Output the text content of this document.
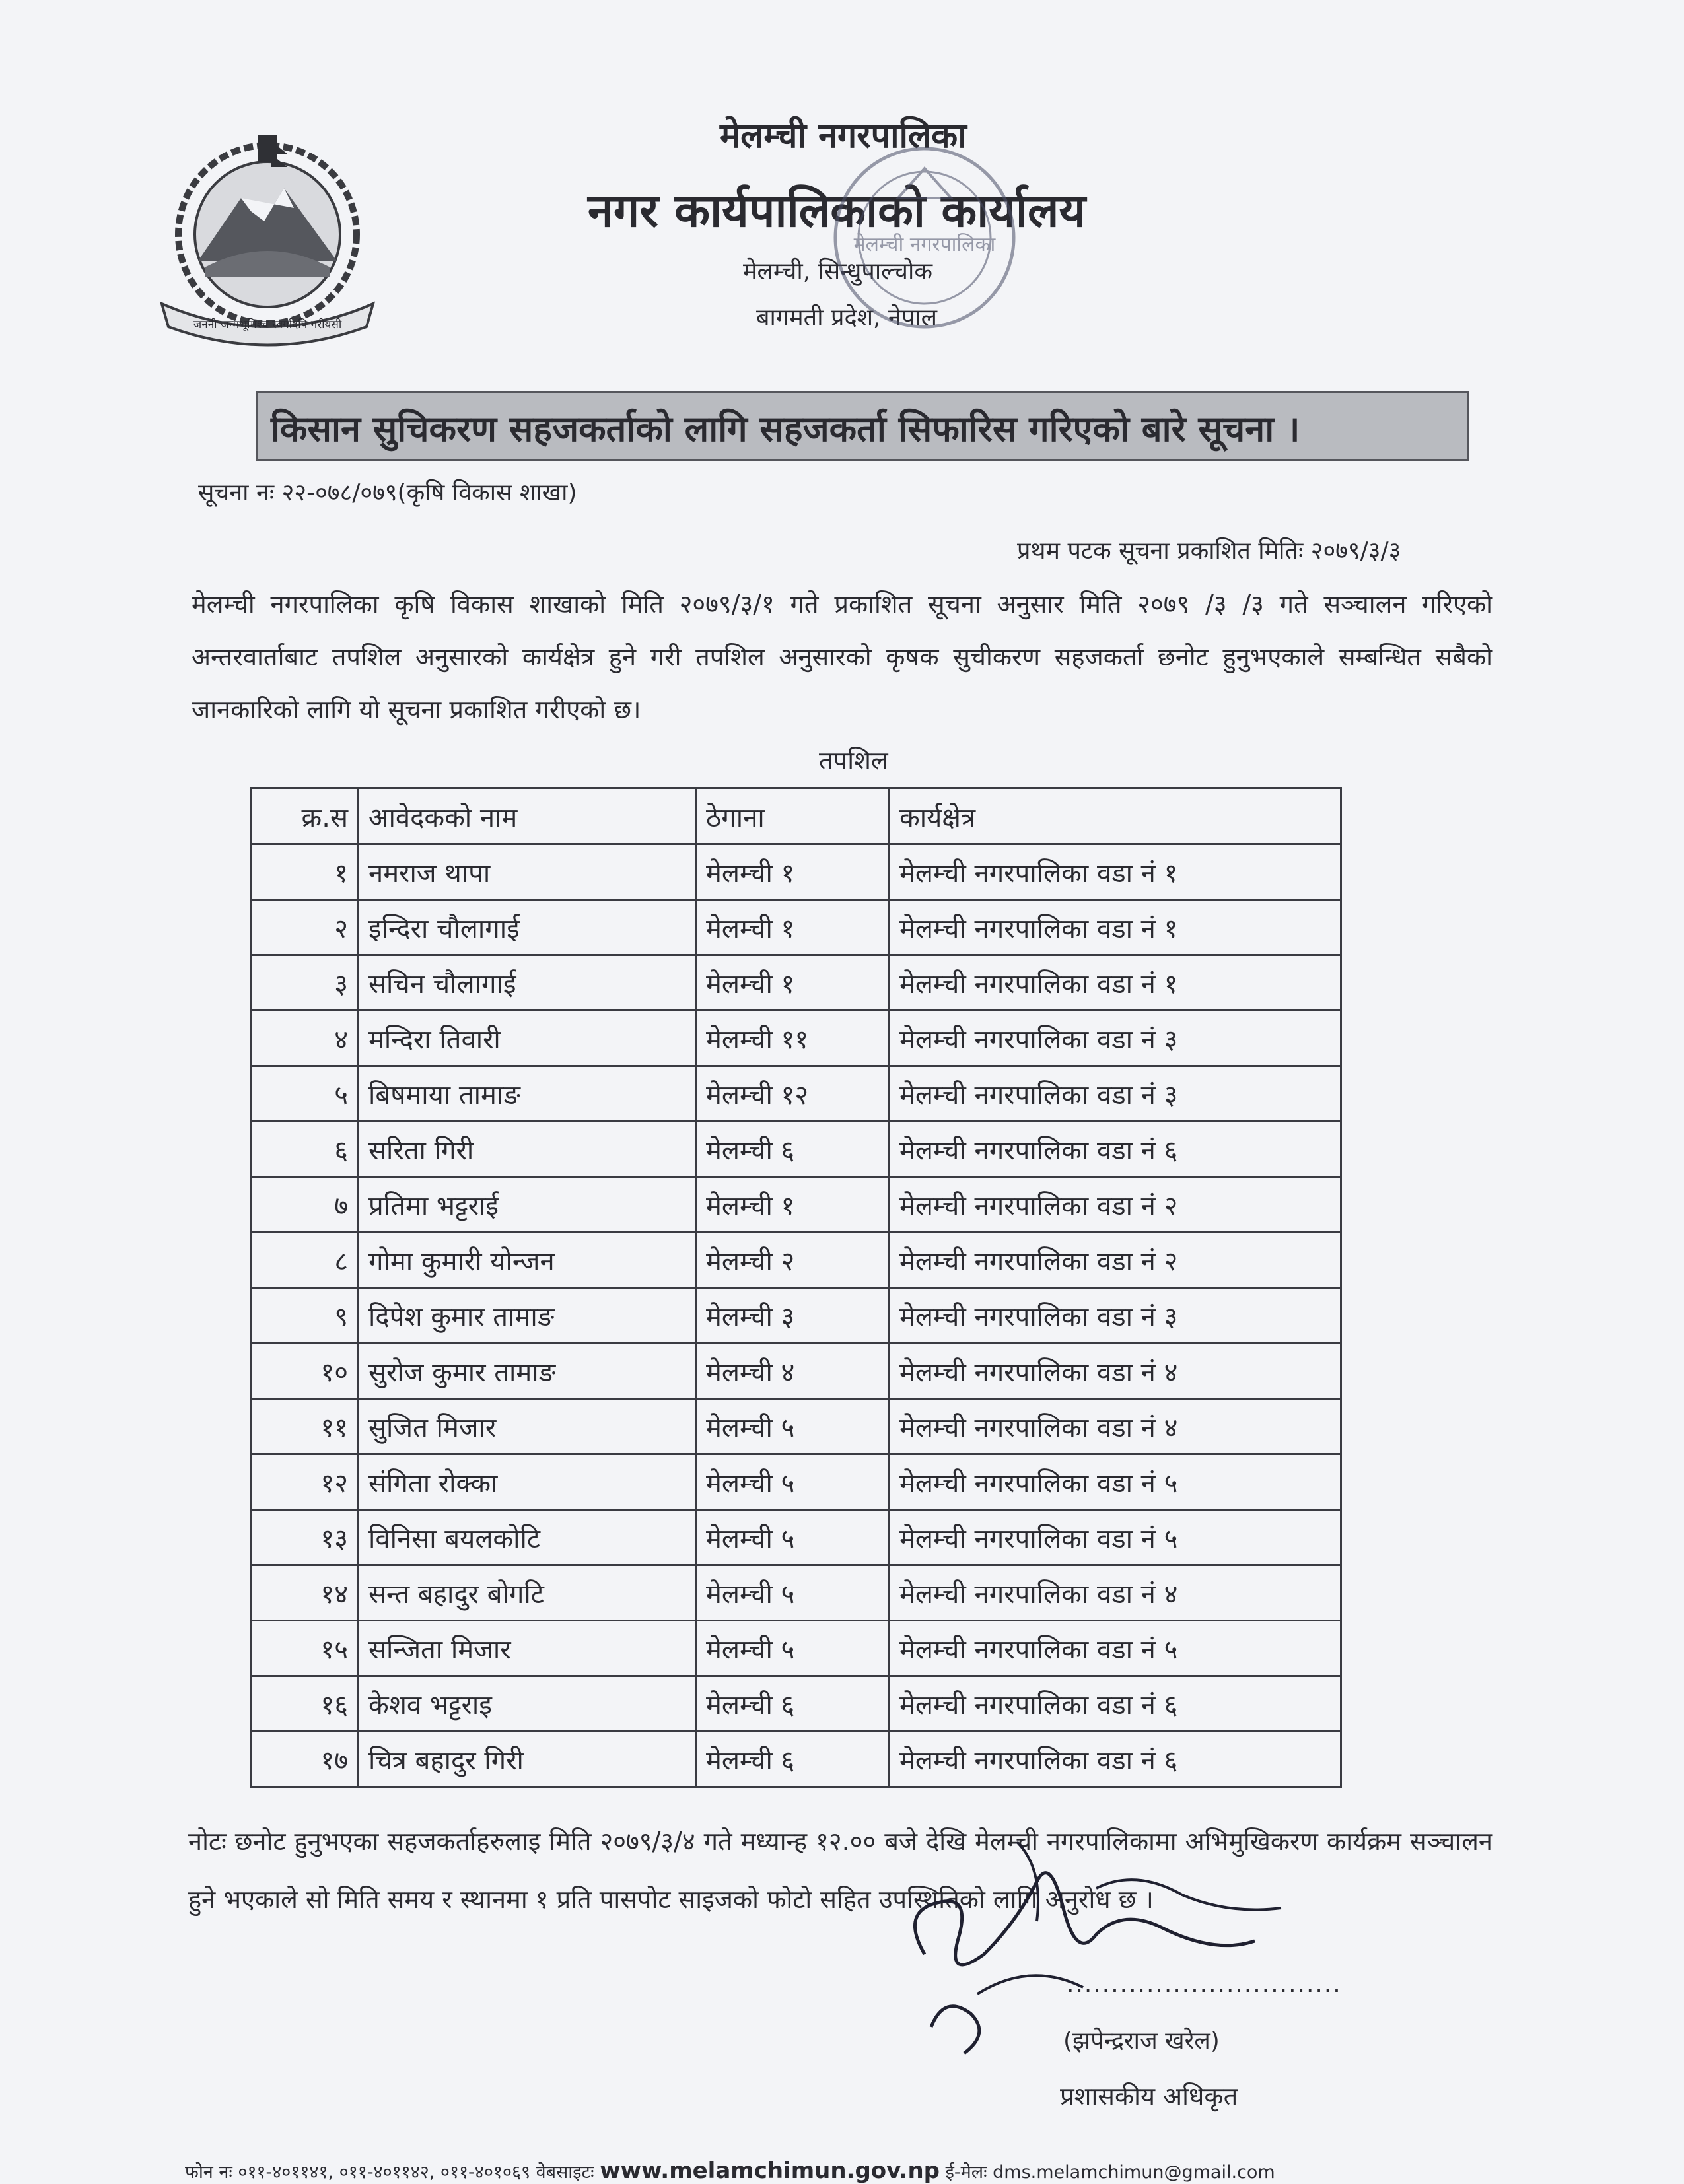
जननी जन्मभूमिश्च स्वर्गादपि गरीयसी
मेलम्ची नगरपालिका
नगर कार्यपालिकाको कार्यालय
मेलम्ची, सिन्धुपाल्चोक
बागमती प्रदेश, नेपाल
मेलम्ची नगरपालिका
किसान सुचिकरण सहजकर्ताको लागि सहजकर्ता सिफारिस गरिएको बारे सूचना ।
सूचना नः २२-०७८/०७९(कृषि विकास शाखा)
प्रथम पटक सूचना प्रकाशित मितिः २०७९/३/३
मेलम्ची नगरपालिका कृषि विकास शाखाको मिति २०७९/३/१ गते प्रकाशित सूचना अनुसार मिति २०७९ /३ /३ गते सञ्चालन गरिएको अन्तरवार्ताबाट तपशिल अनुसारको कार्यक्षेत्र हुने गरी तपशिल अनुसारको कृषक सुचीकरण सहजकर्ता छनोट हुनुभएकाले सम्बन्धित सबैको जानकारिको लागि यो सूचना प्रकाशित गरीएको छ।
तपशिल
क्र.स	आवेदकको नाम	ठेगाना	कार्यक्षेत्र
१	नमराज थापा	मेलम्ची १	मेलम्ची नगरपालिका वडा नं १
२	इन्दिरा चौलागाई	मेलम्ची १	मेलम्ची नगरपालिका वडा नं १
३	सचिन चौलागाई	मेलम्ची १	मेलम्ची नगरपालिका वडा नं १
४	मन्दिरा तिवारी	मेलम्ची ११	मेलम्ची नगरपालिका वडा नं ३
५	बिषमाया तामाङ	मेलम्ची १२	मेलम्ची नगरपालिका वडा नं ३
६	सरिता गिरी	मेलम्ची ६	मेलम्ची नगरपालिका वडा नं ६
७	प्रतिमा भट्टराई	मेलम्ची १	मेलम्ची नगरपालिका वडा नं २
८	गोमा कुमारी योन्जन	मेलम्ची २	मेलम्ची नगरपालिका वडा नं २
९	दिपेश कुमार तामाङ	मेलम्ची ३	मेलम्ची नगरपालिका वडा नं ३
१०	सुरोज कुमार तामाङ	मेलम्ची ४	मेलम्ची नगरपालिका वडा नं ४
११	सुजित मिजार	मेलम्ची ५	मेलम्ची नगरपालिका वडा नं ४
१२	संगिता रोक्का	मेलम्ची ५	मेलम्ची नगरपालिका वडा नं ५
१३	विनिसा बयलकोटि	मेलम्ची ५	मेलम्ची नगरपालिका वडा नं ५
१४	सन्त बहादुर बोगटि	मेलम्ची ५	मेलम्ची नगरपालिका वडा नं ४
१५	सन्जिता मिजार	मेलम्ची ५	मेलम्ची नगरपालिका वडा नं ५
१६	केशव भट्टराइ	मेलम्ची ६	मेलम्ची नगरपालिका वडा नं ६
१७	चित्र बहादुर गिरी	मेलम्ची ६	मेलम्ची नगरपालिका वडा नं ६
नोटः छनोट हुनुभएका सहजकर्ताहरुलाइ मिति २०७९/३/४ गते मध्यान्ह १२.०० बजे देखि मेलम्ची नगरपालिकामा अभिमुखिकरण कार्यक्रम सञ्चालन हुने भएकाले सो मिति समय र स्थानमा १ प्रति पासपोट साइजको फोटो सहित उपस्थितिको लागि अनुरोध छ ।
...............................
(झपेन्द्रराज खरेल)
प्रशासकीय अधिकृत
फोन नः ०११-४०११४१, ०११-४०११४२, ०११-४०१०६९ वेबसाइटः www.melamchimun.gov.np ई-मेलः dms.melamchimun@gmail.com
